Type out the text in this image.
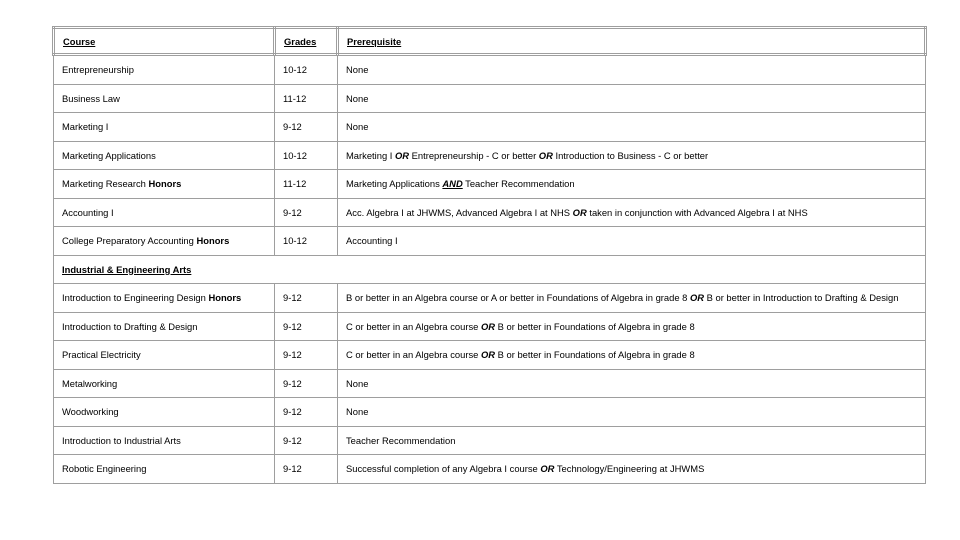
Course	Grades	Prerequisite
Entrepreneurship	10-12	None
Business Law	11-12	None
Marketing I	9-12	None
Marketing Applications	10-12	Marketing I OR Entrepreneurship - C or better OR Introduction to Business - C or better
Marketing Research Honors	11-12	Marketing Applications AND Teacher Recommendation
Accounting I	9-12	Acc. Algebra I at JHWMS, Advanced Algebra I at NHS OR taken in conjunction with Advanced Algebra I at NHS
College Preparatory Accounting Honors	10-12	Accounting I
Industrial & Engineering Arts		
Introduction to Engineering Design Honors	9-12	B or better in an Algebra course or A or better in Foundations of Algebra in grade 8 OR B or better in Introduction to Drafting & Design
Introduction to Drafting & Design	9-12	C or better in an Algebra course OR B or better in Foundations of Algebra in grade 8
Practical Electricity	9-12	C or better in an Algebra course OR B or better in Foundations of Algebra in grade 8
Metalworking	9-12	None
Woodworking	9-12	None
Introduction to Industrial Arts	9-12	Teacher Recommendation
Robotic Engineering	9-12	Successful completion of any Algebra I course OR Technology/Engineering at JHWMS
